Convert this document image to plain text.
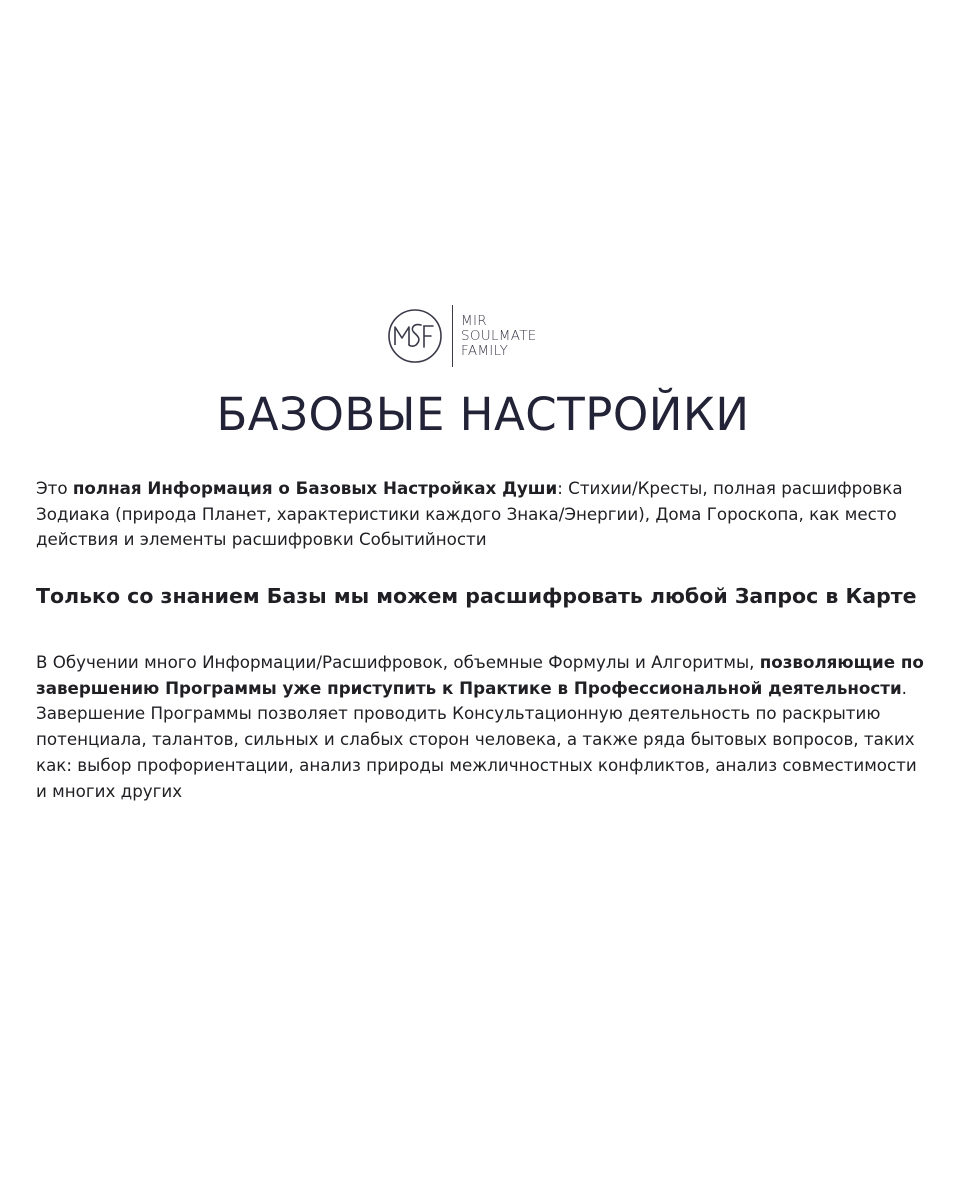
MSF
MIR
SOULMATE
FAMILY
БАЗОВЫЕ НАСТРОЙКИ
Это полная Информация о Базовых Настройках Души: Стихии/Кресты, полная расшифровка Зодиака (природа Планет, характеристики каждого Знака/Энергии), Дома Гороскопа, как место действия и элементы расшифровки Событийности
Только со знанием Базы мы можем расшифровать любой Запрос в Карте
В Обучении много Информации/Расшифровок, объемные Формулы и Алгоритмы, позволяющие по завершению Программы уже приступить к Практике в Профессиональной деятельности. Завершение Программы позволяет проводить Консультационную деятельность по раскрытию потенциала, талантов, сильных и слабых сторон человека, а также ряда бытовых вопросов, таких как: выбор профориентации, анализ природы межличностных конфликтов, анализ совместимости и многих других
